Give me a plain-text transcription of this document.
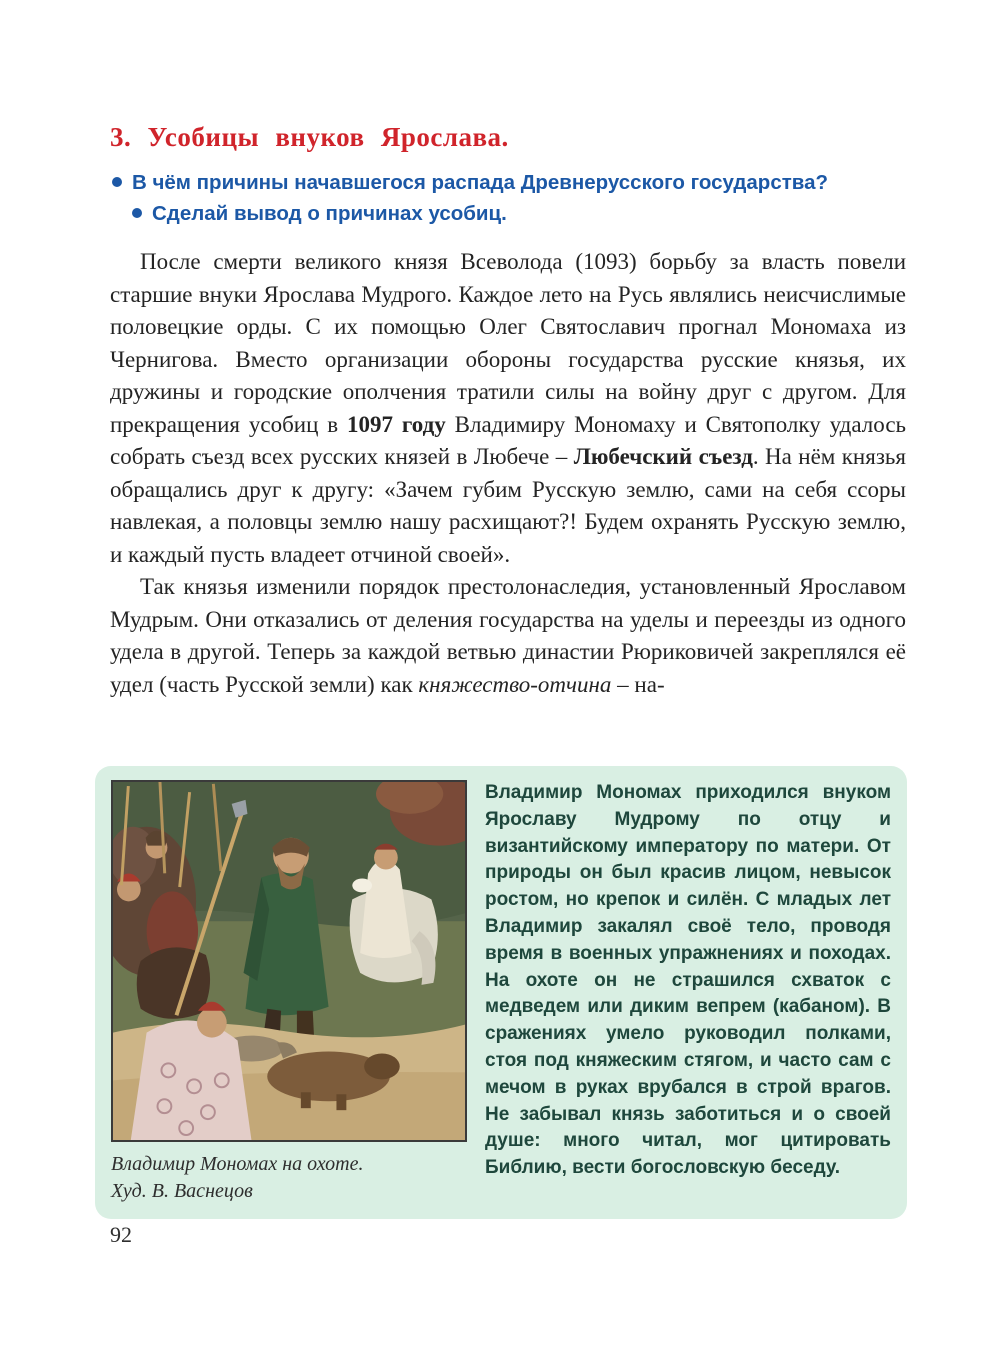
3. Усобицы внуков Ярослава.
В чём причины начавшегося распада Древнерусского государства?
Сделай вывод о причинах усобиц.

После смерти великого князя Всеволода (1093) борьбу за власть повели старшие внуки Ярослава Мудрого. Каждое лето на Русь являлись неисчислимые половецкие орды. С их помощью Олег Святославич прогнал Мономаха из Чернигова. Вместо организации обороны государства русские князья, их дружины и городские ополчения тратили силы на войну друг с другом. Для прекращения усобиц в 1097 году Владимиру Мономаху и Святополку удалось собрать съезд всех русских князей в Любече – Любечский съезд. На нём князья обращались друг к другу: «Зачем губим Русскую землю, сами на себя ссоры навлекая, а половцы землю нашу расхищают?! Будем охранять Русскую землю, и каждый пусть владеет отчиной своей».

Так князья изменили порядок престолонаследия, установленный Ярославом Мудрым. Они отказались от деления государства на уделы и переезды из одного удела в другой. Теперь за каждой ветвью династии Рюриковичей закреплялся её удел (часть Русской земли) как княжество-отчина – на-

Владимир Мономах на охоте.
Худ. В. Васнецов

Владимир Мономах приходился внуком Ярославу Мудрому по отцу и византийскому императору по матери. От природы он был красив лицом, невысок ростом, но крепок и силён. С младых лет Владимир закалял своё тело, проводя время в военных упражнениях и походах. На охоте он не страшился схваток с медведем или диким вепрем (кабаном). В сражениях умело руководил полками, стоя под княжеским стягом, и часто сам с мечом в руках врубался в строй врагов. Не забывал князь заботиться и о своей душе: много читал, мог цитировать Библию, вести богословскую беседу.

92
